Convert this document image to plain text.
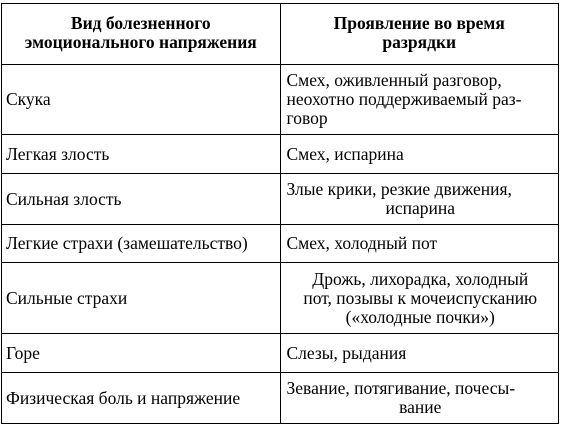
Вид болезненного
эмоционального напряжения	Проявление во время
разрядки

Скука	Смех, оживленный разговор,
неохотно поддерживаемый раз-
говор

Легкая злость	Смех, испарина

Сильная злость	Злые крики, резкие движения,
испарина

Легкие страхи (замешательство)	Смех, холодный пот

Сильные страхи	Дрожь, лихорадка, холодный
пот, позывы к мочеиспусканию
(«холодные почки»)

Горе	Слезы, рыдания

Физическая боль и напряжение	Зевание, потягивание, почесы-
вание
